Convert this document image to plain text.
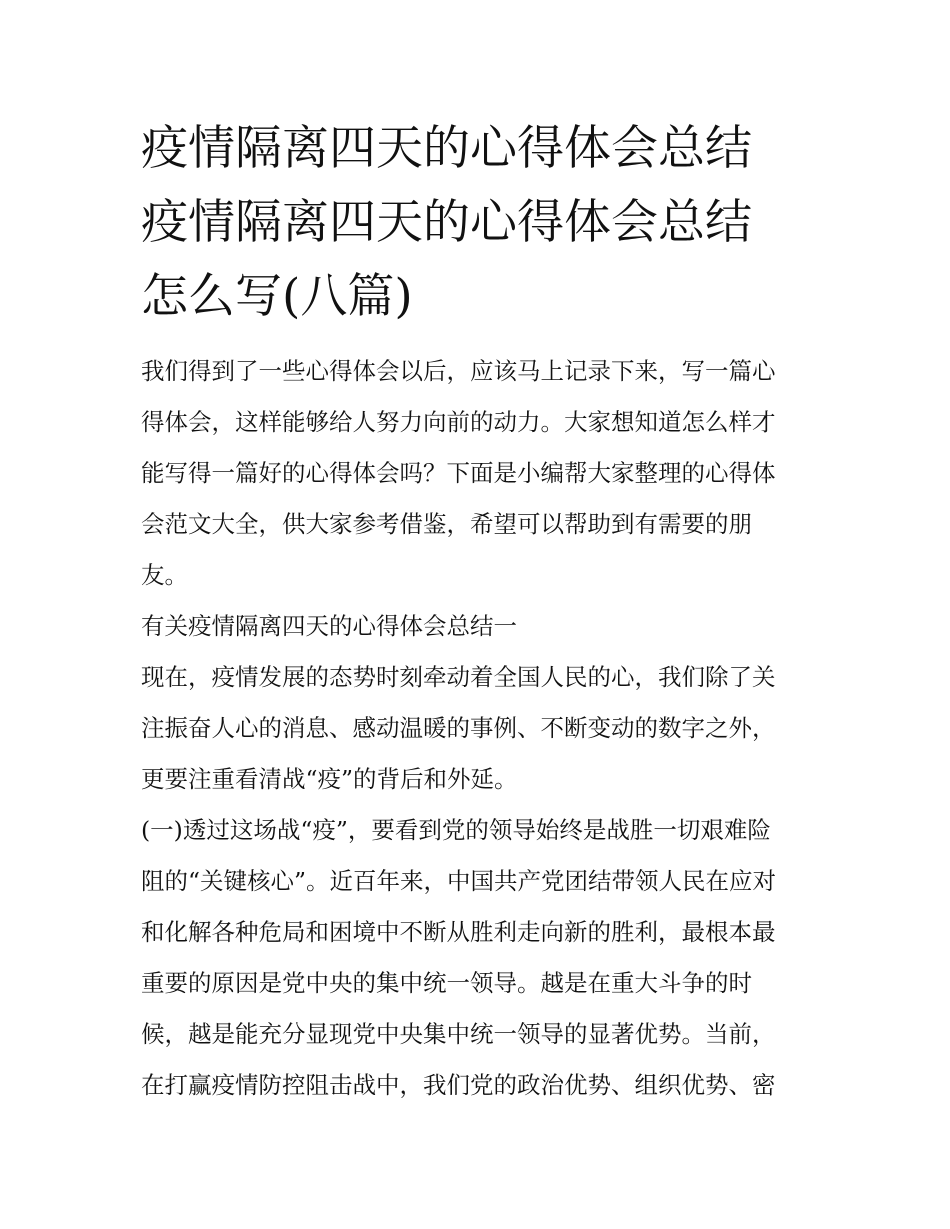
疫情隔离四天的心得体会总结
疫情隔离四天的心得体会总结
怎么写(八篇)

我们得到了一些心得体会以后，应该马上记录下来，写一篇心
得体会，这样能够给人努力向前的动力。大家想知道怎么样才
能写得一篇好的心得体会吗？下面是小编帮大家整理的心得体
会范文大全，供大家参考借鉴，希望可以帮助到有需要的朋
友。

有关疫情隔离四天的心得体会总结一

现在，疫情发展的态势时刻牵动着全国人民的心，我们除了关
注振奋人心的消息、感动温暖的事例、不断变动的数字之外，
更要注重看清战“疫”的背后和外延。

(一)透过这场战“疫”，要看到党的领导始终是战胜一切艰难险
阻的“关键核心”。近百年来，中国共产党团结带领人民在应对
和化解各种危局和困境中不断从胜利走向新的胜利，最根本最
重要的原因是党中央的集中统一领导。越是在重大斗争的时
候，越是能充分显现党中央集中统一领导的显著优势。当前，
在打赢疫情防控阻击战中，我们党的政治优势、组织优势、密
